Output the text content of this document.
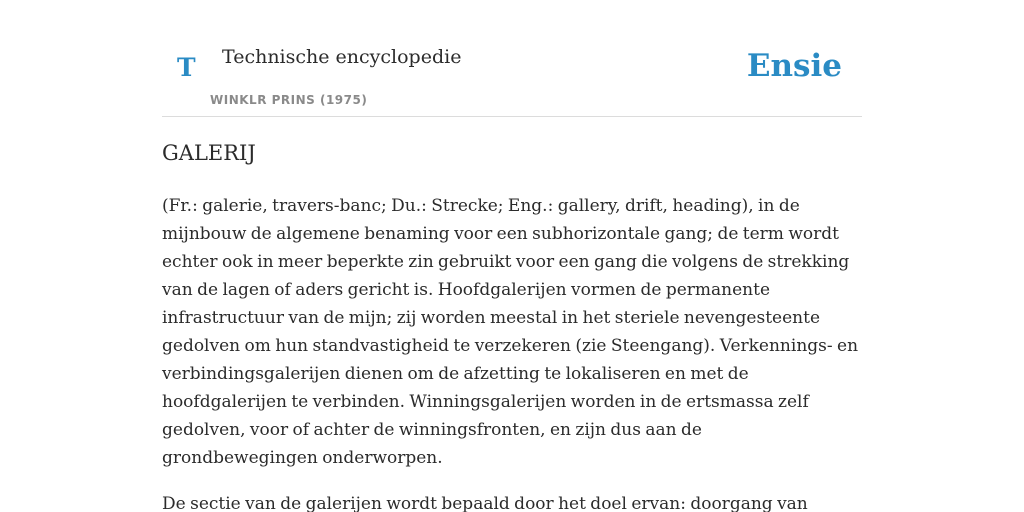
T Technische encyclopedie
WINKLR PRINS (1975)
Ensie
GALERIJ

(Fr.: galerie, travers-banc; Du.: Strecke; Eng.: gallery, drift, heading), in de mijnbouw de algemene benaming voor een subhorizontale gang; de term wordt echter ook in meer beperkte zin gebruikt voor een gang die volgens de strekking van de lagen of aders gericht is. Hoofdgalerijen vormen de permanente infrastructuur van de mijn; zij worden meestal in het steriele nevengesteente gedolven om hun standvastigheid te verzekeren (zie Steengang). Verkennings- en verbindingsgalerijen dienen om de afzetting te lokaliseren en met de hoofdgalerijen te verbinden. Winningsgalerijen worden in de ertsmassa zelf gedolven, voor of achter de winningsfronten, en zijn dus aan de grondbewegingen onderworpen.

De sectie van de galerijen wordt bepaald door het doel ervan: doorgang van
